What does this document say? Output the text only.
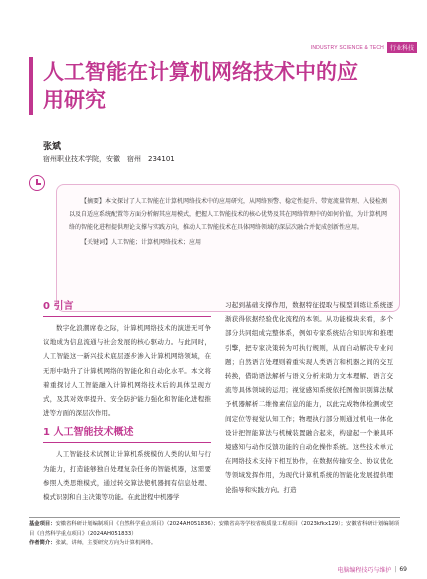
INDUSTRY SCIENCE & TECH	行业科技
人工智能在计算机网络技术中的应用研究
张斌
宿州职业技术学院，安徽　宿州　234101

【摘要】本文探讨了人工智能在计算机网络技术中的应用研究，从网络预警、稳定性提升、带宽流量管理、入侵检测以及自适应系统配置等方面分析解其应用模式，把握人工智能技术的核心优势及其在网络管理中的如何价值，为计算机网络的智能化进程提供理论支撑与实践方向，推动人工智能技术在具体网络领域的深层次融合并促成创新性应用。

【关键词】人工智能；计算机网络技术；应用

0 引言

数字化浪潮席卷之际，计算机网络技术的演进无可争议地成为信息流通与社会发展的核心驱动力。与此同时，人工智能这一新兴技术底层逐步渗入计算机网络领域，在无形中助升了计算机网络的智能化和自动化水平。本文将着重探讨人工智能融入计算机网络技术后的具体呈现方式，及其对效率提升、安全防护能力强化和智能化进程推进等方面的深层次作用。

1 人工智能技术概述

人工智能技术试图让计算机系统模仿人类的认知与行为能力，打造能够独自处理复杂任务的智能机器，这需要参照人类思维模式，通过转交算法使机器拥有信息处理、模式识别和自主决策等功能。在此进程中机器学

习起到基础支撑作用，数据特征提取与模型训练让系统逐渐获得依据经验优化流程的本领。从功能模块来看，多个部分共同组成完整体系，例如专家系统结合知识库和推理引擎，把专家决策转为可执行规则，从而自动解决专业问题；自然语言处理则着重实现人类语言和机器之间的交互转换，借助语法解析与语义分析来助力文本理解、语言交流等具体领域的运用；视觉感知系统依托图像识别算法赋予机器解析二维像素信息的能力，以此完成物体检测或空间定位等视觉认知工作；物理执行部分则通过机电一体化设计把智能算法与机械装置融合起来，构建起一个兼具环境感知与动作反馈功能的自动化操作系统。这些技术单元在网络技术支持下相互协作，在数据传输安全、协议优化等领域发挥作用，为现代计算机系统的智能化发展提供理论指导和实践方向。打造

基金项目：安徽省科研计划编制项目《自然科学重点项目》（2024AH051836）；安徽省高等学校省级质量工程项目（2023kfkx129）；安徽省科研计划编制项目《自然科学重点项目》（2024AH051833）

作者简介：张斌，讲师，主要研究方向为计算机网络。

电脑编程技巧与维护 | 69
